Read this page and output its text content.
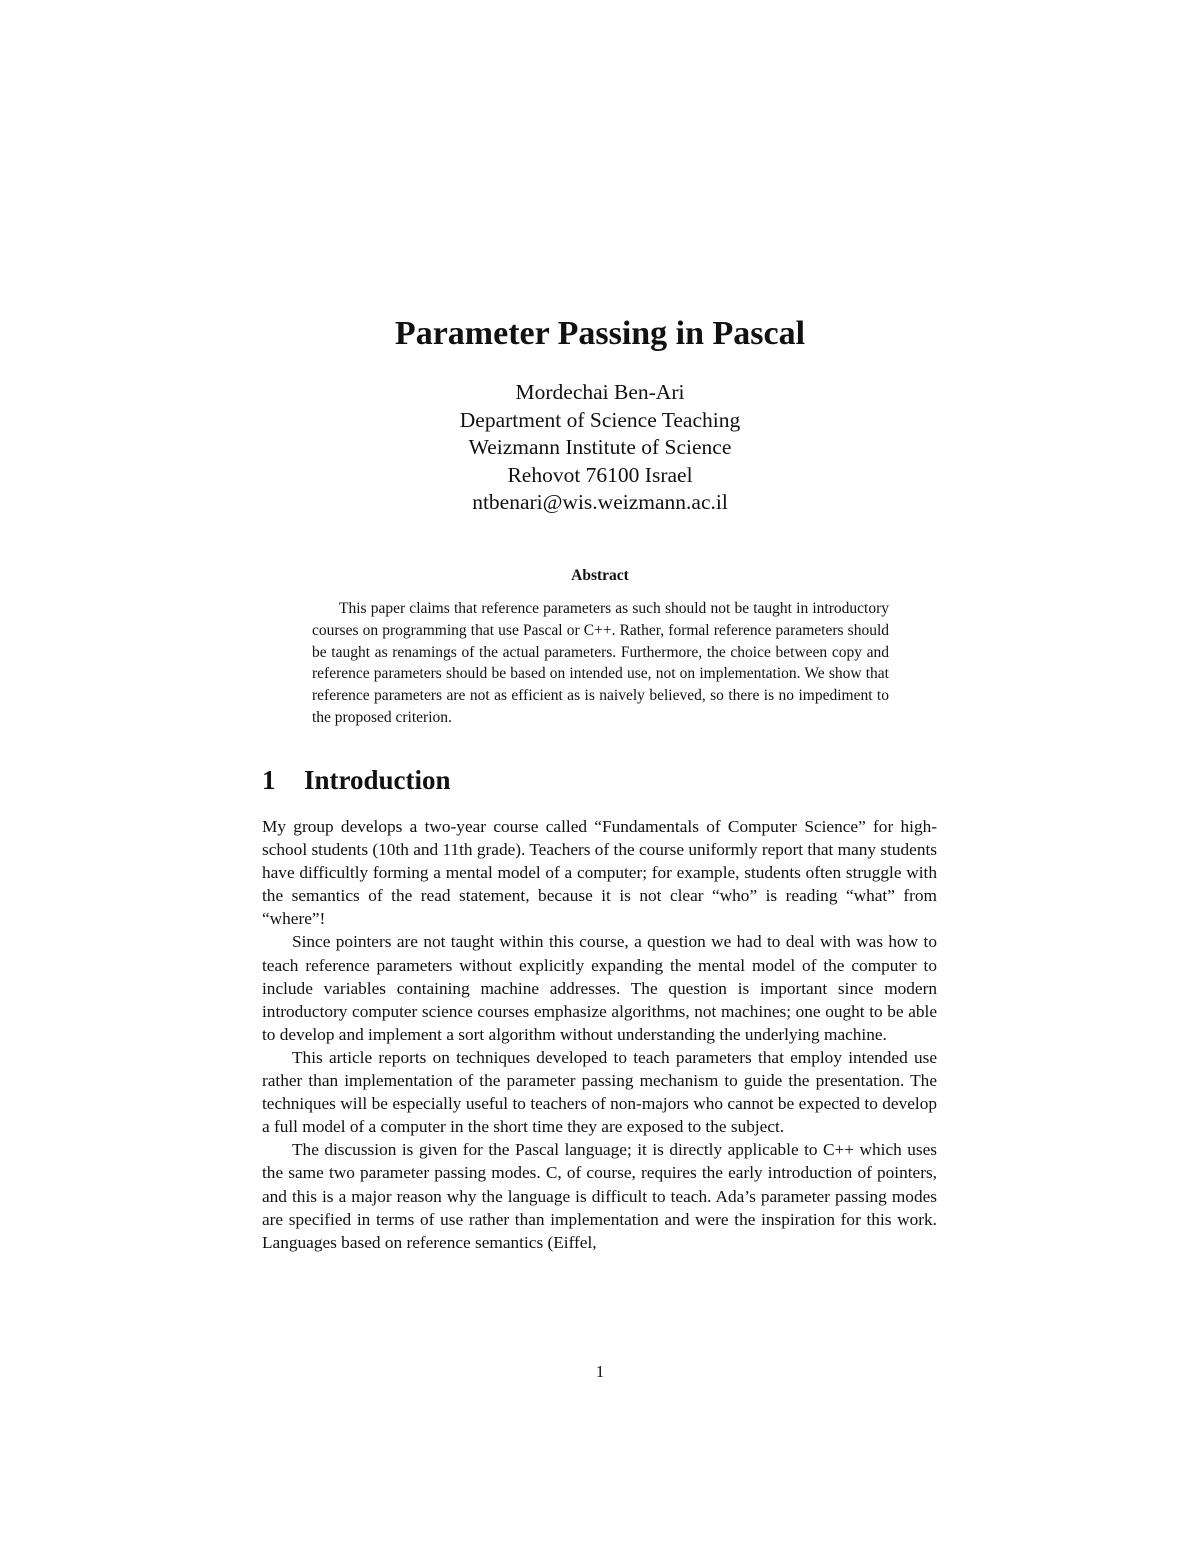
Parameter Passing in Pascal
Mordechai Ben-Ari
Department of Science Teaching
Weizmann Institute of Science
Rehovot 76100 Israel
ntbenari@wis.weizmann.ac.il
Abstract

This paper claims that reference parameters as such should not be taught in introductory courses on programming that use Pascal or C++. Rather, formal reference parameters should be taught as renamings of the actual parameters. Furthermore, the choice between copy and reference parameters should be based on intended use, not on implementation. We show that reference parameters are not as efficient as is naively believed, so there is no impediment to the proposed criterion.

1 Introduction

My group develops a two-year course called “Fundamentals of Computer Science” for high-school students (10th and 11th grade). Teachers of the course uniformly report that many students have difficultly forming a mental model of a computer; for example, students often struggle with the semantics of the read statement, because it is not clear “who” is reading “what” from “where”!

Since pointers are not taught within this course, a question we had to deal with was how to teach reference parameters without explicitly expanding the mental model of the computer to include variables containing machine addresses. The question is important since modern introductory computer science courses emphasize algorithms, not machines; one ought to be able to develop and implement a sort algorithm without understanding the underlying machine.

This article reports on techniques developed to teach parameters that employ intended use rather than implementation of the parameter passing mechanism to guide the presentation. The techniques will be especially useful to teachers of non-majors who cannot be expected to develop a full model of a computer in the short time they are exposed to the subject.

The discussion is given for the Pascal language; it is directly applicable to C++ which uses the same two parameter passing modes. C, of course, requires the early introduction of pointers, and this is a major reason why the language is difficult to teach. Ada’s parameter passing modes are specified in terms of use rather than implementation and were the inspiration for this work. Languages based on reference semantics (Eiffel,

1
